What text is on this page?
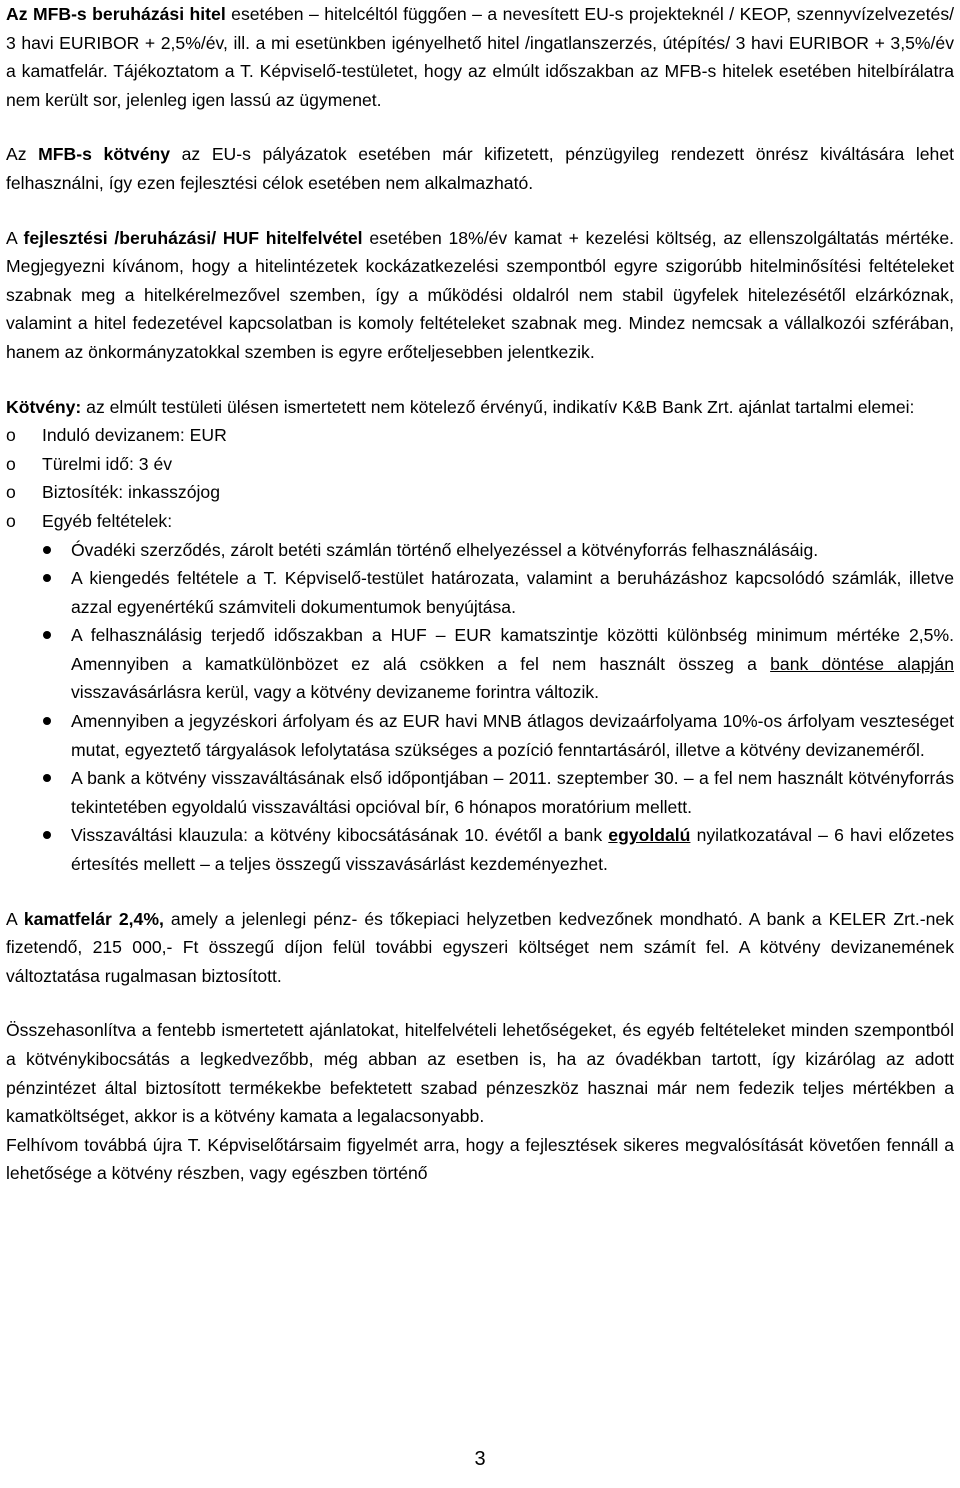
Az MFB-s beruházási hitel esetében – hitelcéltól függően – a nevesített EU-s projekteknél / KEOP, szennyvízelvezetés/ 3 havi EURIBOR + 2,5%/év, ill. a mi esetünkben igényelhető hitel /ingatlanszerzés, útépítés/ 3 havi EURIBOR + 3,5%/év a kamatfelár. Tájékoztatom a T. Képviselő-testületet, hogy az elmúlt időszakban az MFB-s hitelek esetében hitelbírálatra nem került sor, jelenleg igen lassú az ügymenet.

Az MFB-s kötvény az EU-s pályázatok esetében már kifizetett, pénzügyileg rendezett önrész kiváltására lehet felhasználni, így ezen fejlesztési célok esetében nem alkalmazható.

A fejlesztési /beruházási/ HUF hitelfelvétel esetében 18%/év kamat + kezelési költség, az ellenszolgáltatás mértéke. Megjegyezni kívánom, hogy a hitelintézetek kockázatkezelési szempontból egyre szigorúbb hitelminősítési feltételeket szabnak meg a hitelkérelmezővel szemben, így a működési oldalról nem stabil ügyfelek hitelezésétől elzárkóznak, valamint a hitel fedezetével kapcsolatban is komoly feltételeket szabnak meg. Mindez nemcsak a vállalkozói szférában, hanem az önkormányzatokkal szemben is egyre erőteljesebben jelentkezik.

Kötvény: az elmúlt testületi ülésen ismertetett nem kötelező érvényű, indikatív K&B Bank Zrt. ajánlat tartalmi elemei:

o Induló devizanem: EUR
o Türelmi idő: 3 év
o Biztosíték: inkasszójog
o Egyéb feltételek:
Óvadéki szerződés, zárolt betéti számlán történő elhelyezéssel a kötvényforrás felhasználásáig.
A kiengedés feltétele a T. Képviselő-testület határozata, valamint a beruházáshoz kapcsolódó számlák, illetve azzal egyenértékű számviteli dokumentumok benyújtása.
A felhasználásig terjedő időszakban a HUF – EUR kamatszintje közötti különbség minimum mértéke 2,5%. Amennyiben a kamatkülönbözet ez alá csökken a fel nem használt összeg a bank döntése alapján visszavásárlásra kerül, vagy a kötvény devizaneme forintra változik.
Amennyiben a jegyzéskori árfolyam és az EUR havi MNB átlagos devizaárfolyama 10%-os árfolyam veszteséget mutat, egyeztető tárgyalások lefolytatása szükséges a pozíció fenntartásáról, illetve a kötvény devizaneméről.
A bank a kötvény visszaváltásának első időpontjában – 2011. szeptember 30. – a fel nem használt kötvényforrás tekintetében egyoldalú visszaváltási opcióval bír, 6 hónapos moratórium mellett.
Visszaváltási klauzula: a kötvény kibocsátásának 10. évétől a bank egyoldalú nyilatkozatával – 6 havi előzetes értesítés mellett – a teljes összegű visszavásárlást kezdeményezhet.

A kamatfelár 2,4%, amely a jelenlegi pénz- és tőkepiaci helyzetben kedvezőnek mondható. A bank a KELER Zrt.-nek fizetendő, 215 000,- Ft összegű díjon felül további egyszeri költséget nem számít fel. A kötvény devizanemének változtatása rugalmasan biztosított.

Összehasonlítva a fentebb ismertetett ajánlatokat, hitelfelvételi lehetőségeket, és egyéb feltételeket minden szempontból a kötvénykibocsátás a legkedvezőbb, még abban az esetben is, ha az óvadékban tartott, így kizárólag az adott pénzintézet által biztosított termékekbe befektetett szabad pénzeszköz hasznai már nem fedezik teljes mértékben a kamatköltséget, akkor is a kötvény kamata a legalacsonyabb.

Felhívom továbbá újra T. Képviselőtársaim figyelmét arra, hogy a fejlesztések sikeres megvalósítását követően fennáll a lehetősége a kötvény részben, vagy egészben történő

3
